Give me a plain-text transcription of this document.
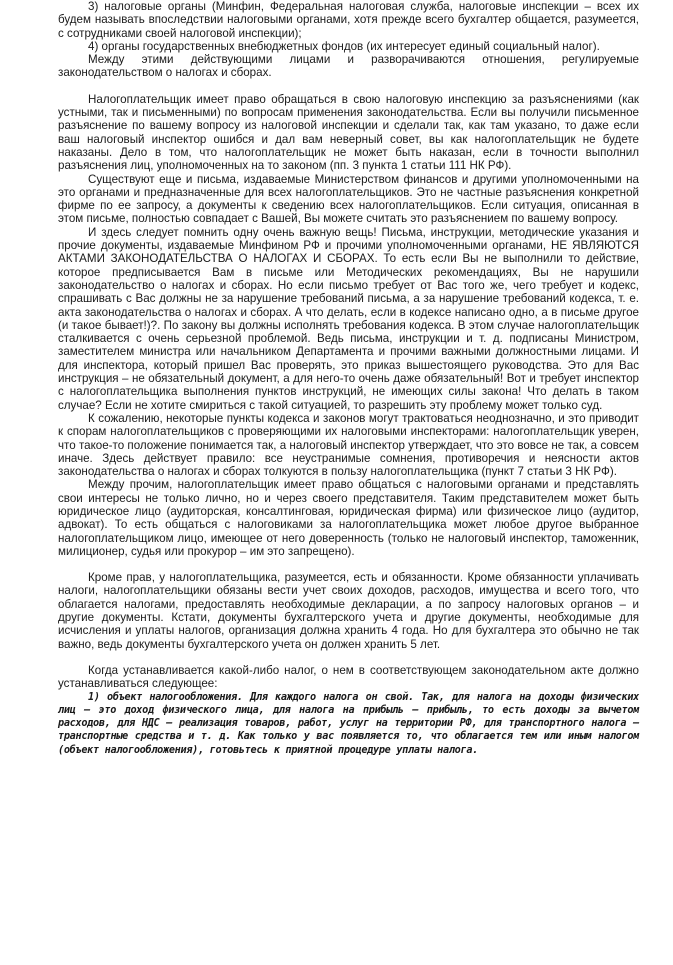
3) налоговые органы (Минфин, Федеральная налоговая служба, налоговые инспекции – всех их будем называть впоследствии налоговыми органами, хотя прежде всего бухгалтер общается, разумеется, с сотрудниками своей налоговой инспекции);

4) органы государственных внебюджетных фондов (их интересует единый социальный налог).

Между этими действующими лицами и разворачиваются отношения, регулируемые законодательством о налогах и сборах.

Налогоплательщик имеет право обращаться в свою налоговую инспекцию за разъяснениями (как устными, так и письменными) по вопросам применения законодательства. Если вы получили письменное разъяснение по вашему вопросу из налоговой инспекции и сделали так, как там указано, то даже если ваш налоговый инспектор ошибся и дал вам неверный совет, вы как налогоплательщик не будете наказаны. Дело в том, что налогоплательщик не может быть наказан, если в точности выполнил разъяснения лиц, уполномоченных на то законом (пп. 3 пункта 1 статьи 111 НК РФ).

Существуют еще и письма, издаваемые Министерством финансов и другими уполномоченными на это органами и предназначенные для всех налогоплательщиков. Это не частные разъяснения конкретной фирме по ее запросу, а документы к сведению всех налогоплательщиков. Если ситуация, описанная в этом письме, полностью совпадает с Вашей, Вы можете считать это разъяснением по вашему вопросу.

И здесь следует помнить одну очень важную вещь! Письма, инструкции, методические указания и прочие документы, издаваемые Минфином РФ и прочими уполномоченными органами, НЕ ЯВЛЯЮТСЯ АКТАМИ ЗАКОНОДАТЕЛЬСТВА О НАЛОГАХ И СБОРАХ. То есть если Вы не выполнили то действие, которое предписывается Вам в письме или Методических рекомендациях, Вы не нарушили законодательство о налогах и сборах. Но если письмо требует от Вас того же, чего требует и кодекс, спрашивать с Вас должны не за нарушение требований письма, а за нарушение требований кодекса, т. е. акта законодательства о налогах и сборах. А что делать, если в кодексе написано одно, а в письме другое (и такое бывает!)?. По закону вы должны исполнять требования кодекса. В этом случае налогоплательщик сталкивается с очень серьезной проблемой. Ведь письма, инструкции и т. д. подписаны Министром, заместителем министра или начальником Департамента и прочими важными должностными лицами. И для инспектора, который пришел Вас проверять, это приказ вышестоящего руководства. Это для Вас инструкция – не обязательный документ, а для него-то очень даже обязательный! Вот и требует инспектор с налогоплательщика выполнения пунктов инструкций, не имеющих силы закона! Что делать в таком случае? Если не хотите смириться с такой ситуацией, то разрешить эту проблему может только суд.

К сожалению, некоторые пункты кодекса и законов могут трактоваться неоднозначно, и это приводит к спорам налогоплательщиков с проверяющими их налоговыми инспекторами: налогоплательщик уверен, что такое-то положение понимается так, а налоговый инспектор утверждает, что это вовсе не так, а совсем иначе. Здесь действует правило: все неустранимые сомнения, противоречия и неясности актов законодательства о налогах и сборах толкуются в пользу налогоплательщика (пункт 7 статьи 3 НК РФ).

Между прочим, налогоплательщик имеет право общаться с налоговыми органами и представлять свои интересы не только лично, но и через своего представителя. Таким представителем может быть юридическое лицо (аудиторская, консалтинговая, юридическая фирма) или физическое лицо (аудитор, адвокат). То есть общаться с налоговиками за налогоплательщика может любое другое выбранное налогоплательщиком лицо, имеющее от него доверенность (только не налоговый инспектор, таможенник, милиционер, судья или прокурор – им это запрещено).

Кроме прав, у налогоплательщика, разумеется, есть и обязанности. Кроме обязанности уплачивать налоги, налогоплательщики обязаны вести учет своих доходов, расходов, имущества и всего того, что облагается налогами, предоставлять необходимые декларации, а по запросу налоговых органов – и другие документы. Кстати, документы бухгалтерского учета и другие документы, необходимые для исчисления и уплаты налогов, организация должна хранить 4 года. Но для бухгалтера это обычно не так важно, ведь документы бухгалтерского учета он должен хранить 5 лет.

Когда устанавливается какой-либо налог, о нем в соответствующем законодательном акте должно устанавливаться следующее:

1) объект налогообложения. Для каждого налога он свой. Так, для налога на доходы физических лиц – это доход физического лица, для налога на прибыль – прибыль, то есть доходы за вычетом расходов, для НДС – реализация товаров, работ, услуг на территории РФ, для транспортного налога – транспортные средства и т. д. Как только у вас появляется то, что облагается тем или иным налогом (объект налогообложения), готовьтесь к приятной процедуре уплаты налога.
